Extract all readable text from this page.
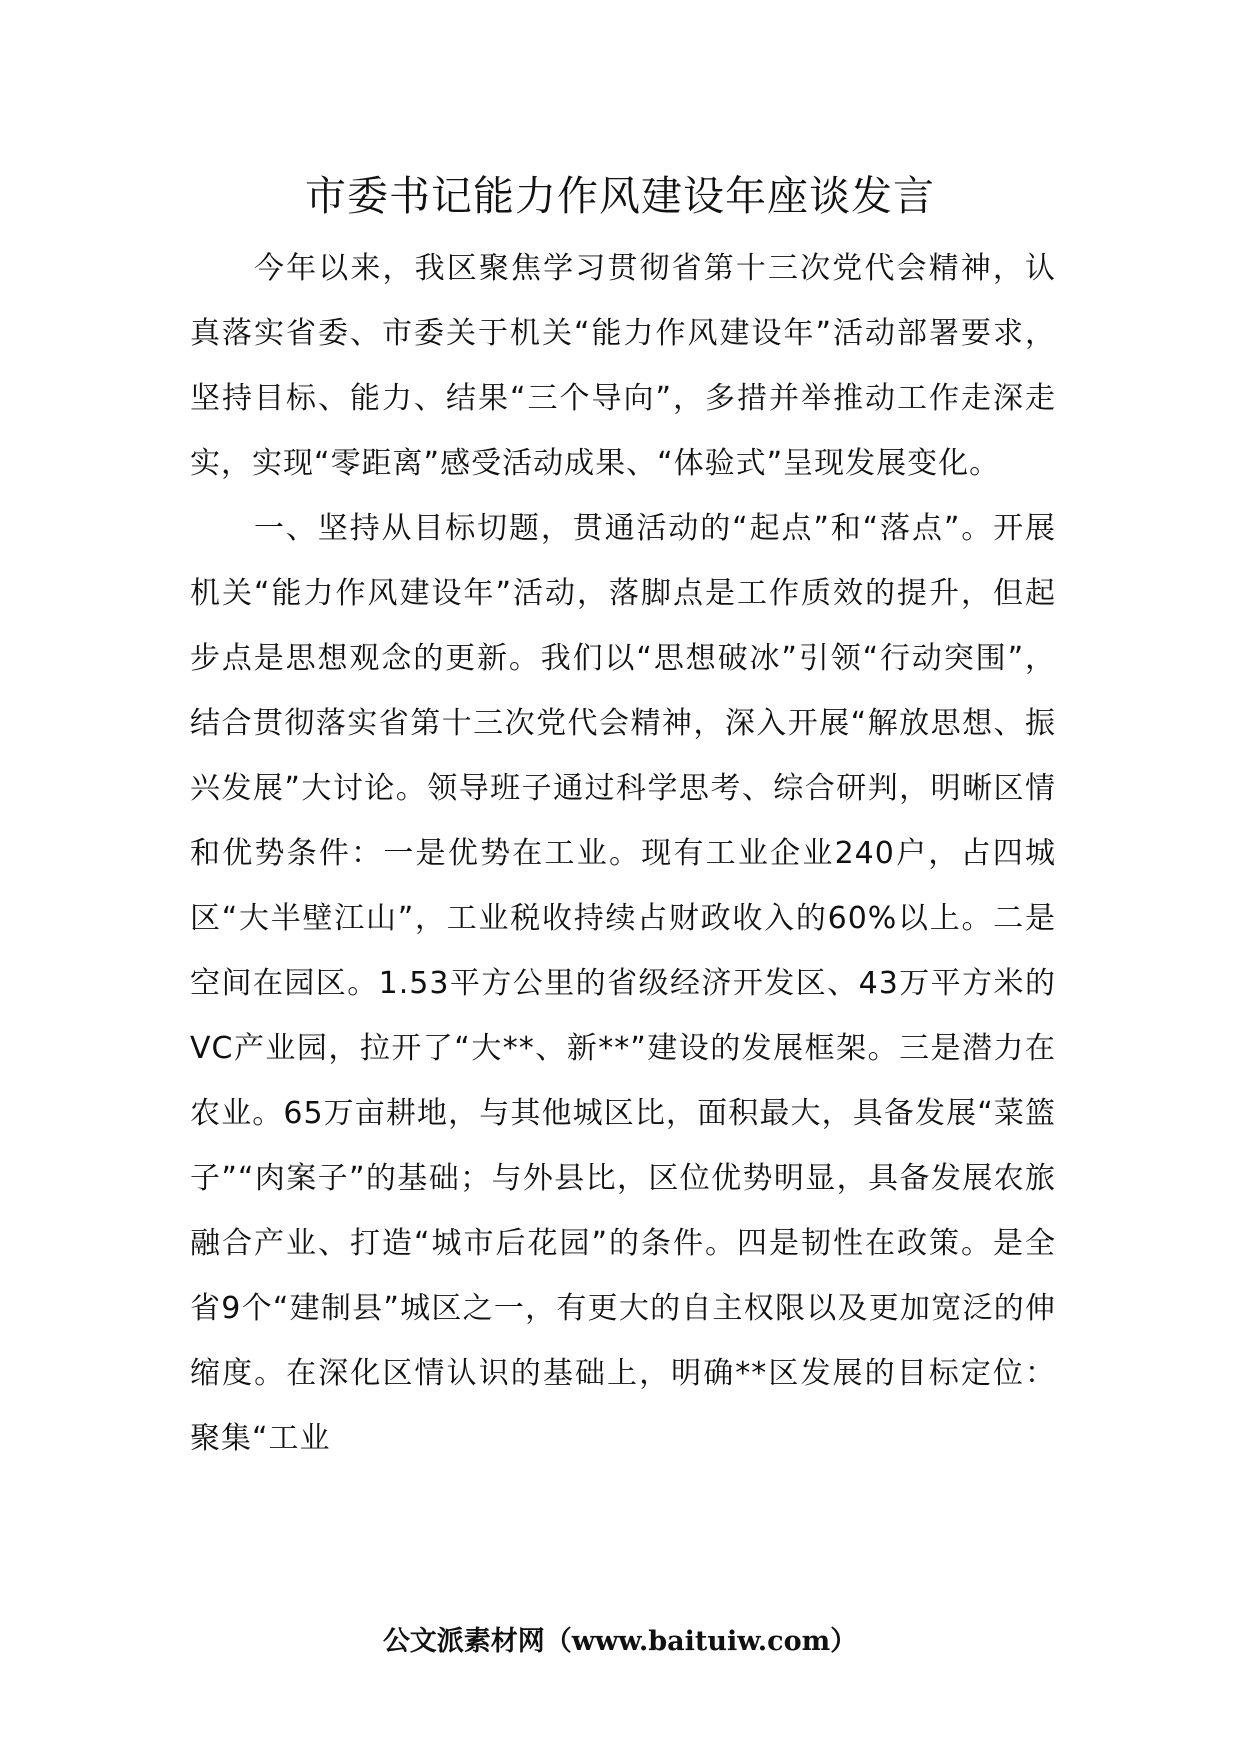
市委书记能力作风建设年座谈发言

今年以来，我区聚焦学习贯彻省第十三次党代会精神，认真落实省委、市委关于机关“能力作风建设年”活动部署要求，坚持目标、能力、结果“三个导向”，多措并举推动工作走深走实，实现“零距离”感受活动成果、“体验式”呈现发展变化。

一、坚持从目标切题，贯通活动的“起点”和“落点”。开展机关“能力作风建设年”活动，落脚点是工作质效的提升，但起步点是思想观念的更新。我们以“思想破冰”引领“行动突围”，结合贯彻落实省第十三次党代会精神，深入开展“解放思想、振兴发展”大讨论。领导班子通过科学思考、综合研判，明晰区情和优势条件：一是优势在工业。现有工业企业240户，占四城区“大半壁江山”，工业税收持续占财政收入的60%以上。二是空间在园区。1.53平方公里的省级经济开发区、43万平方米的VC产业园，拉开了“大**、新**”建设的发展框架。三是潜力在农业。65万亩耕地，与其他城区比，面积最大，具备发展“菜篮子”“肉案子”的基础；与外县比，区位优势明显，具备发展农旅融合产业、打造“城市后花园”的条件。四是韧性在政策。是全省9个“建制县”城区之一，有更大的自主权限以及更加宽泛的伸缩度。在深化区情认识的基础上，明确**区发展的目标定位：聚集“工业

公文派素材网（www.baituiw.com）
